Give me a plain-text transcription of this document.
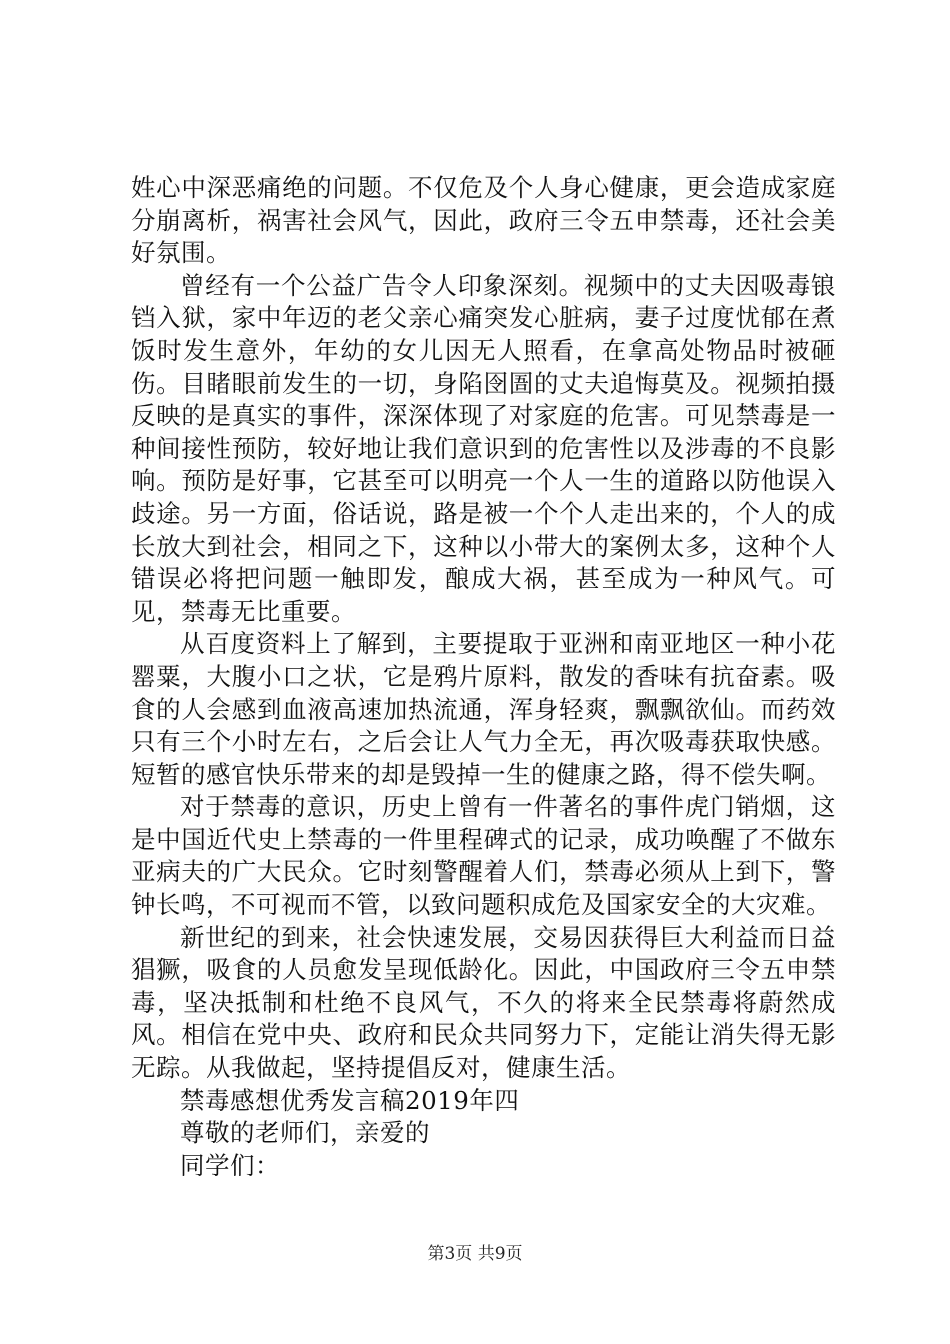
姓心中深恶痛绝的问题。不仅危及个人身心健康，更会造成家庭分崩离析，祸害社会风气，因此，政府三令五申禁毒，还社会美好氛围。

曾经有一个公益广告令人印象深刻。视频中的丈夫因吸毒锒铛入狱，家中年迈的老父亲心痛突发心脏病，妻子过度忧郁在煮饭时发生意外，年幼的女儿因无人照看，在拿高处物品时被砸伤。目睹眼前发生的一切，身陷囹圄的丈夫追悔莫及。视频拍摄反映的是真实的事件，深深体现了对家庭的危害。可见禁毒是一种间接性预防，较好地让我们意识到的危害性以及涉毒的不良影响。预防是好事，它甚至可以明亮一个人一生的道路以防他误入歧途。另一方面，俗话说，路是被一个个人走出来的，个人的成长放大到社会，相同之下，这种以小带大的案例太多，这种个人错误必将把问题一触即发，酿成大祸，甚至成为一种风气。可见，禁毒无比重要。

从百度资料上了解到，主要提取于亚洲和南亚地区一种小花罂粟，大腹小口之状，它是鸦片原料，散发的香味有抗奋素。吸食的人会感到血液高速加热流通，浑身轻爽，飘飘欲仙。而药效只有三个小时左右，之后会让人气力全无，再次吸毒获取快感。短暂的感官快乐带来的却是毁掉一生的健康之路，得不偿失啊。

对于禁毒的意识，历史上曾有一件著名的事件虎门销烟，这是中国近代史上禁毒的一件里程碑式的记录，成功唤醒了不做东亚病夫的广大民众。它时刻警醒着人们，禁毒必须从上到下，警钟长鸣，不可视而不管，以致问题积成危及国家安全的大灾难。

新世纪的到来，社会快速发展，交易因获得巨大利益而日益猖獗，吸食的人员愈发呈现低龄化。因此，中国政府三令五申禁毒，坚决抵制和杜绝不良风气，不久的将来全民禁毒将蔚然成风。相信在党中央、政府和民众共同努力下，定能让消失得无影无踪。从我做起，坚持提倡反对，健康生活。

禁毒感想优秀发言稿2019年四

尊敬的老师们，亲爱的

同学们：

第3页 共9页
